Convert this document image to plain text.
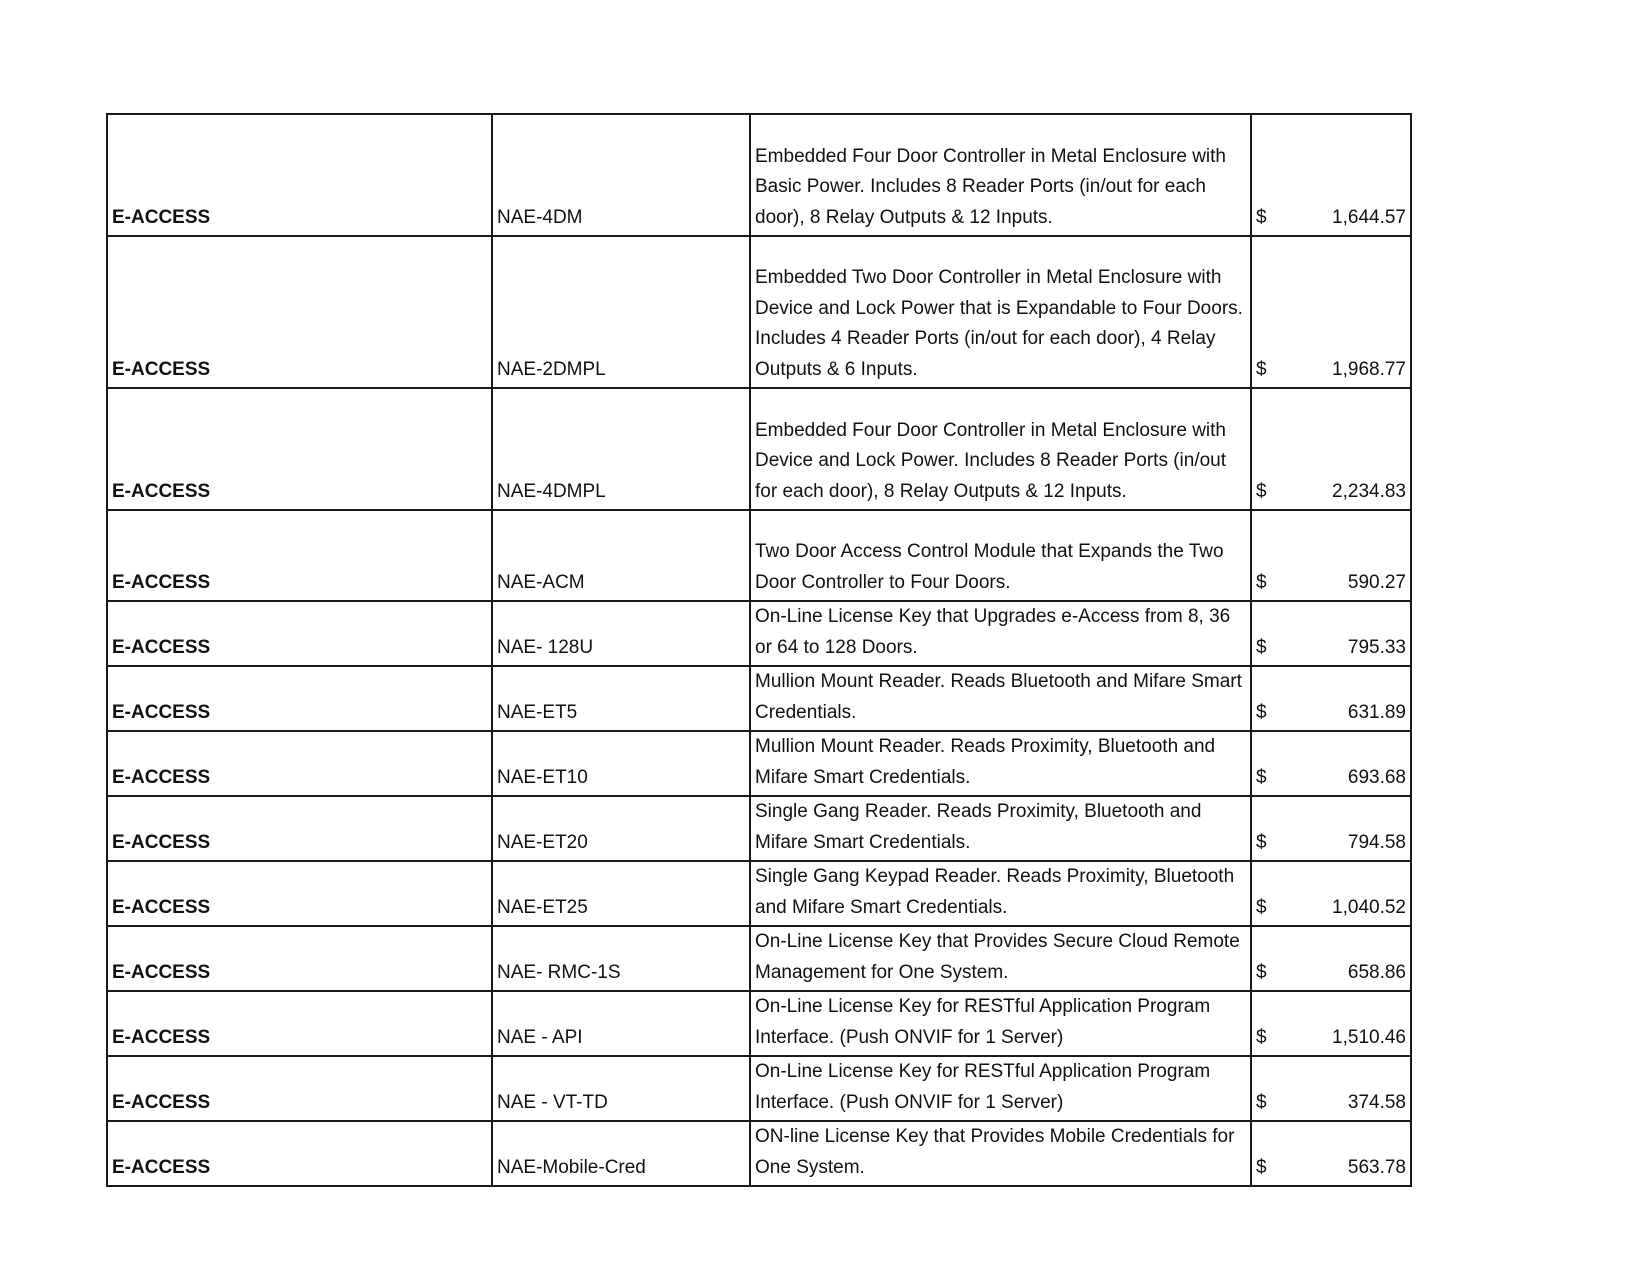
E-ACCESS	NAE-4DM	Embedded Four Door Controller in Metal Enclosure with Basic Power. Includes 8 Reader Ports (in/out for each door), 8 Relay Outputs & 12 Inputs.	$ 1,644.57

E-ACCESS	NAE-2DMPL	Embedded Two Door Controller in Metal Enclosure with Device and Lock Power that is Expandable to Four Doors. Includes 4 Reader Ports (in/out for each door), 4 Relay Outputs & 6 Inputs.	$ 1,968.77

E-ACCESS	NAE-4DMPL	Embedded Four Door Controller in Metal Enclosure with Device and Lock Power. Includes 8 Reader Ports (in/out for each door), 8 Relay Outputs & 12 Inputs.	$ 2,234.83

E-ACCESS	NAE-ACM	Two Door Access Control Module that Expands the Two Door Controller to Four Doors.	$ 590.27

E-ACCESS	NAE- 128U	On-Line License Key that Upgrades e-Access from 8, 36 or 64 to 128 Doors.	$ 795.33

E-ACCESS	NAE-ET5	Mullion Mount Reader. Reads Bluetooth and Mifare Smart Credentials.	$ 631.89

E-ACCESS	NAE-ET10	Mullion Mount Reader. Reads Proximity, Bluetooth and Mifare Smart Credentials.	$ 693.68

E-ACCESS	NAE-ET20	Single Gang Reader. Reads Proximity, Bluetooth and Mifare Smart Credentials.	$ 794.58

E-ACCESS	NAE-ET25	Single Gang Keypad Reader. Reads Proximity, Bluetooth and Mifare Smart Credentials.	$ 1,040.52

E-ACCESS	NAE- RMC-1S	On-Line License Key that Provides Secure Cloud Remote Management for One System.	$ 658.86

E-ACCESS	NAE - API	On-Line License Key for RESTful Application Program Interface. (Push ONVIF for 1 Server)	$ 1,510.46

E-ACCESS	NAE - VT-TD	On-Line License Key for RESTful Application Program Interface. (Push ONVIF for 1 Server)	$ 374.58

E-ACCESS	NAE-Mobile-Cred	ON-line License Key that Provides Mobile Credentials for One System.	$ 563.78
